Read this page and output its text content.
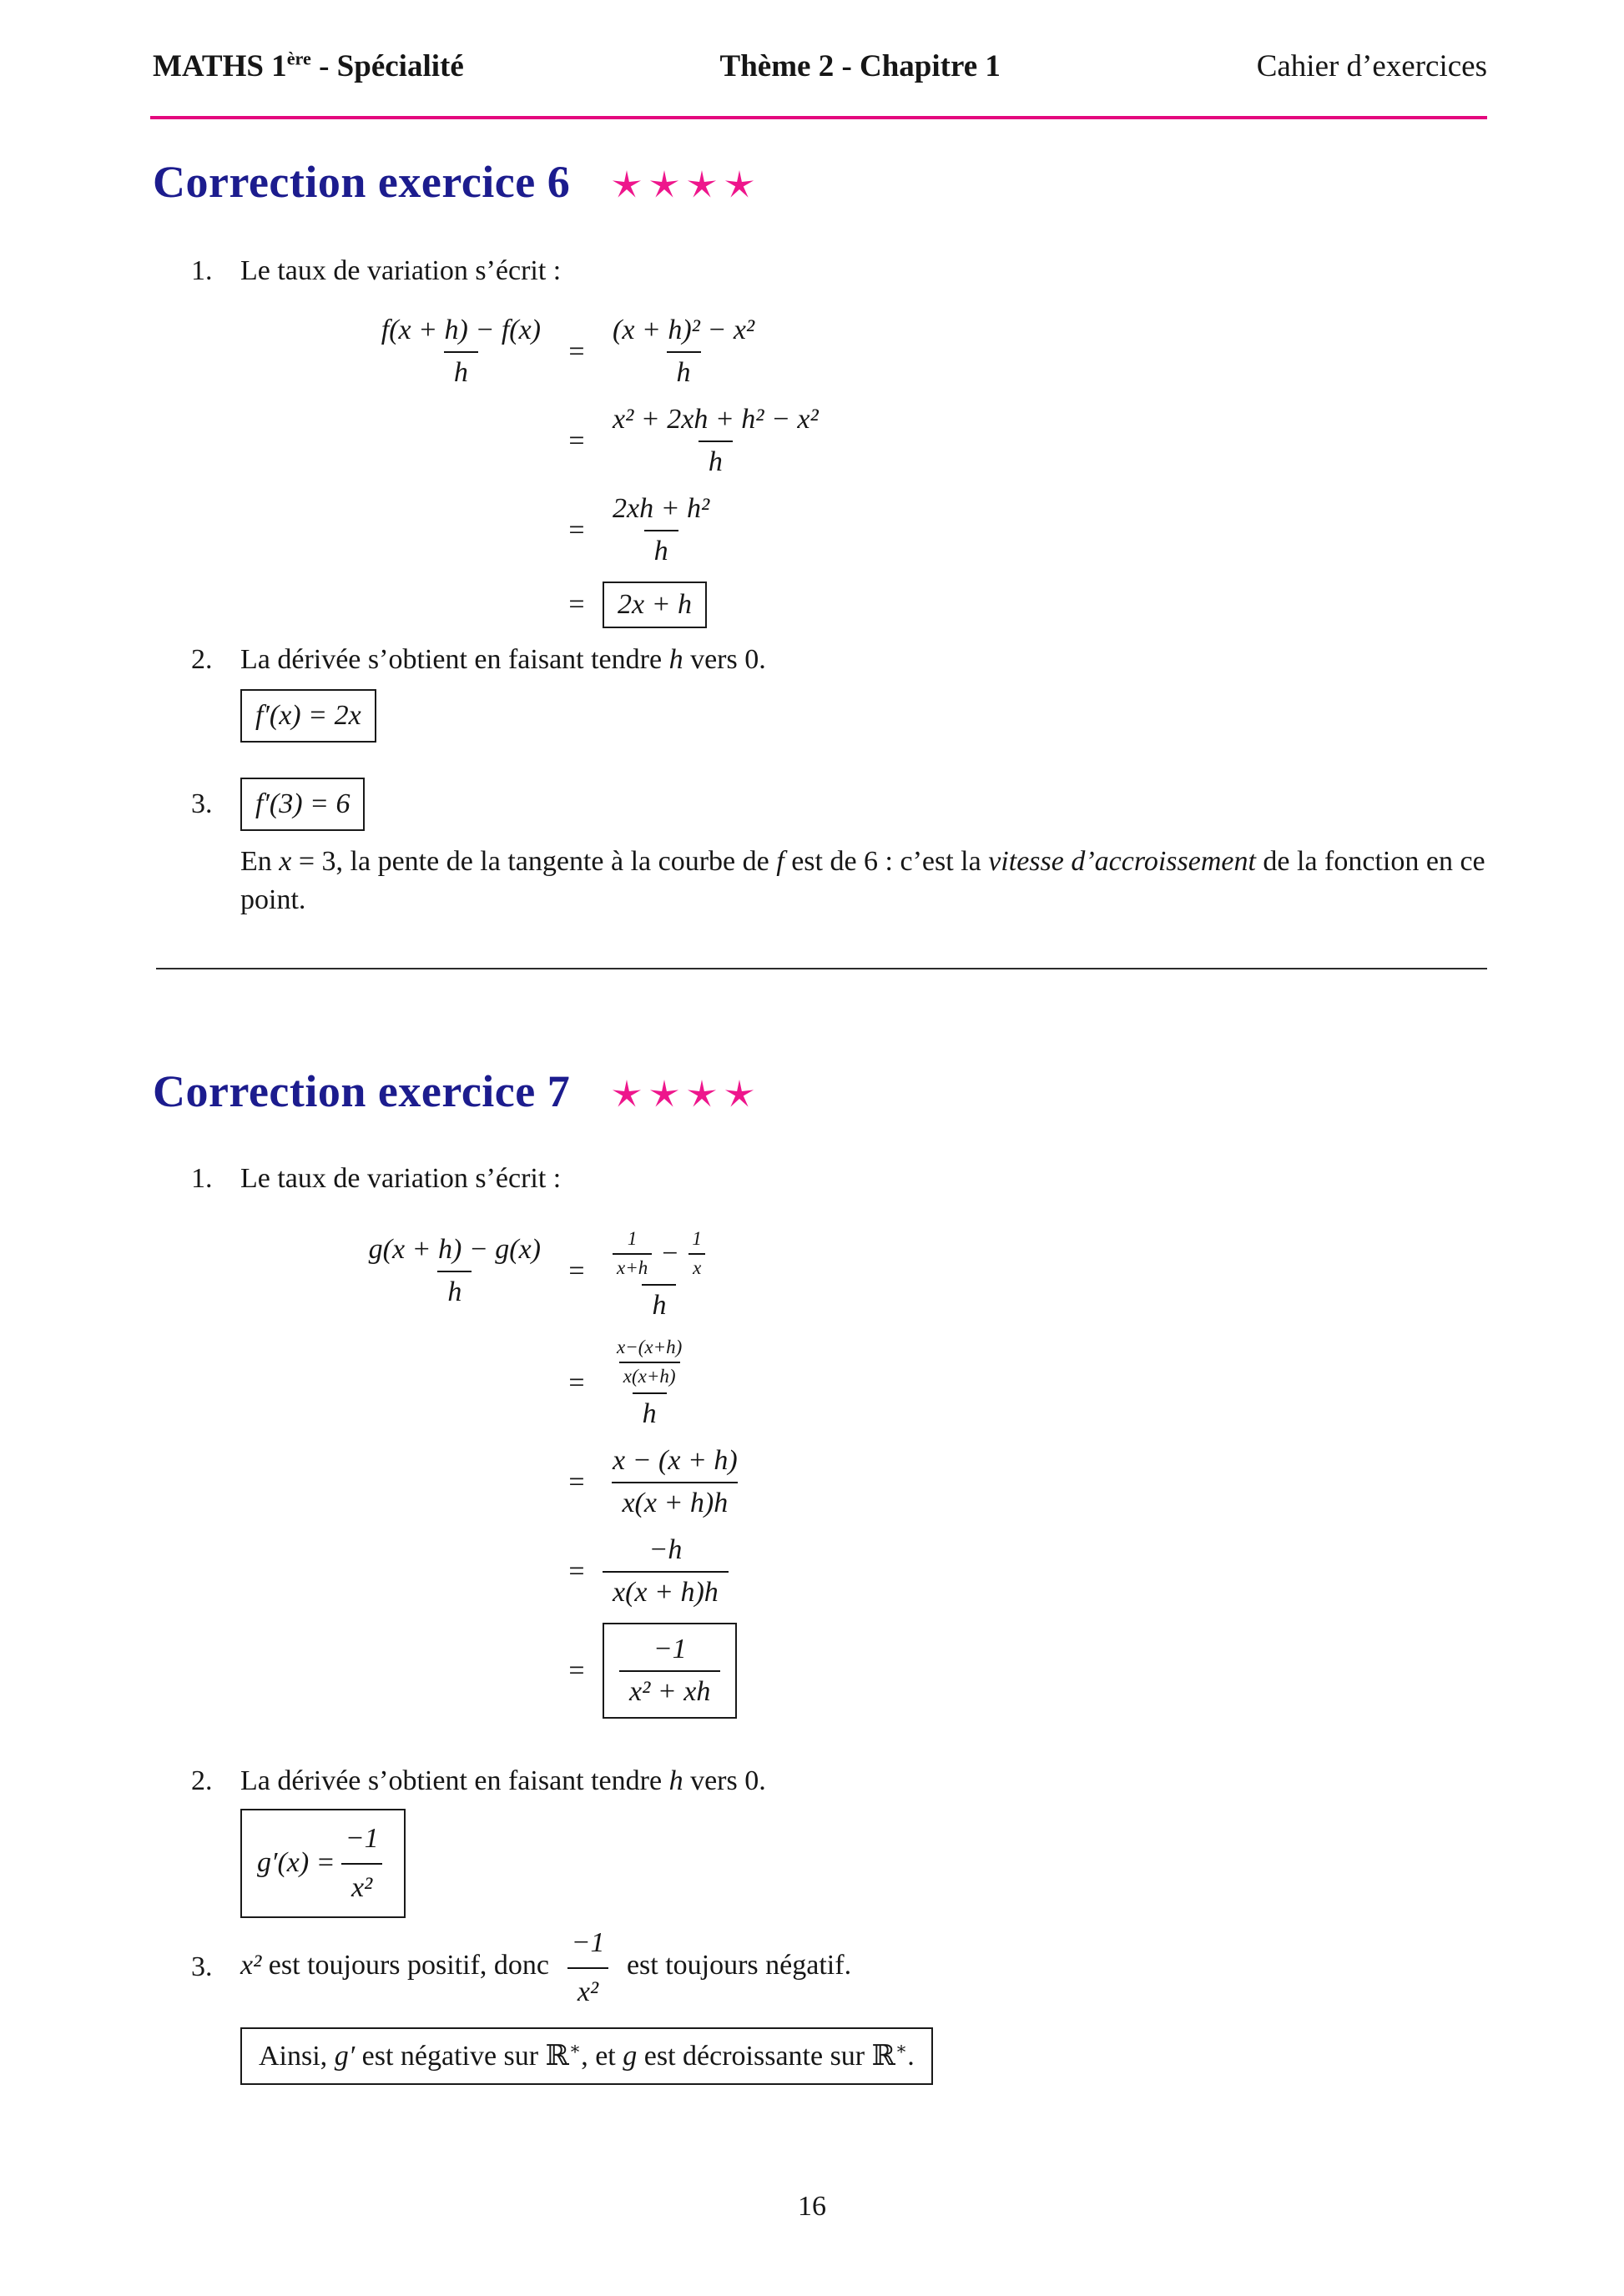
MATHS 1ère - Spécialité	Thème 2 - Chapitre 1	Cahier d’exercices
Correction exercice 6
1. Le taux de variation s’écrit :
$\frac{f(x + h) - f(x)}{h} = \frac{\text{(x + h)² − x²}}{h}$
= $\frac{\text{x² + 2xh + h² − x²}}{h}$
= $\frac{\text{2xh + h²}}{h}$
=	2x + h
2. La dérivée s’obtient en faisant tendre h vers 0.
f′(x) = 2x
3.	f′(3) = 6
En x = 3, la pente de la tangente à la courbe de f est de 6 : c’est la vitesse d’accroissement de la fonction en ce point.
Correction exercice 7
1. Le taux de variation s’écrit :
$\frac{g(x + h) - g(x)}{h} = \frac{\frac{1}{x+h} - \frac{1}{x}}{h}$
= $\frac{\frac{x-(x+h)}{x(x+h)}}{h}$
= $\frac{x - (x + h)}{x(x + h)h}$
= $\frac{-h}{x(x + h)h}$
=	$\frac{-1}{\text{x² + xh}}$
2. La dérivée s’obtient en faisant tendre h vers 0.
$g'(x) = \frac{-1}{\text{x²}}$
3. x² est toujours positif, donc $\frac{-1}{\text{x²}}$ est toujours négatif.
Ainsi, g′ est négative sur ℝ∗, et g est décroissante sur ℝ∗.
16
